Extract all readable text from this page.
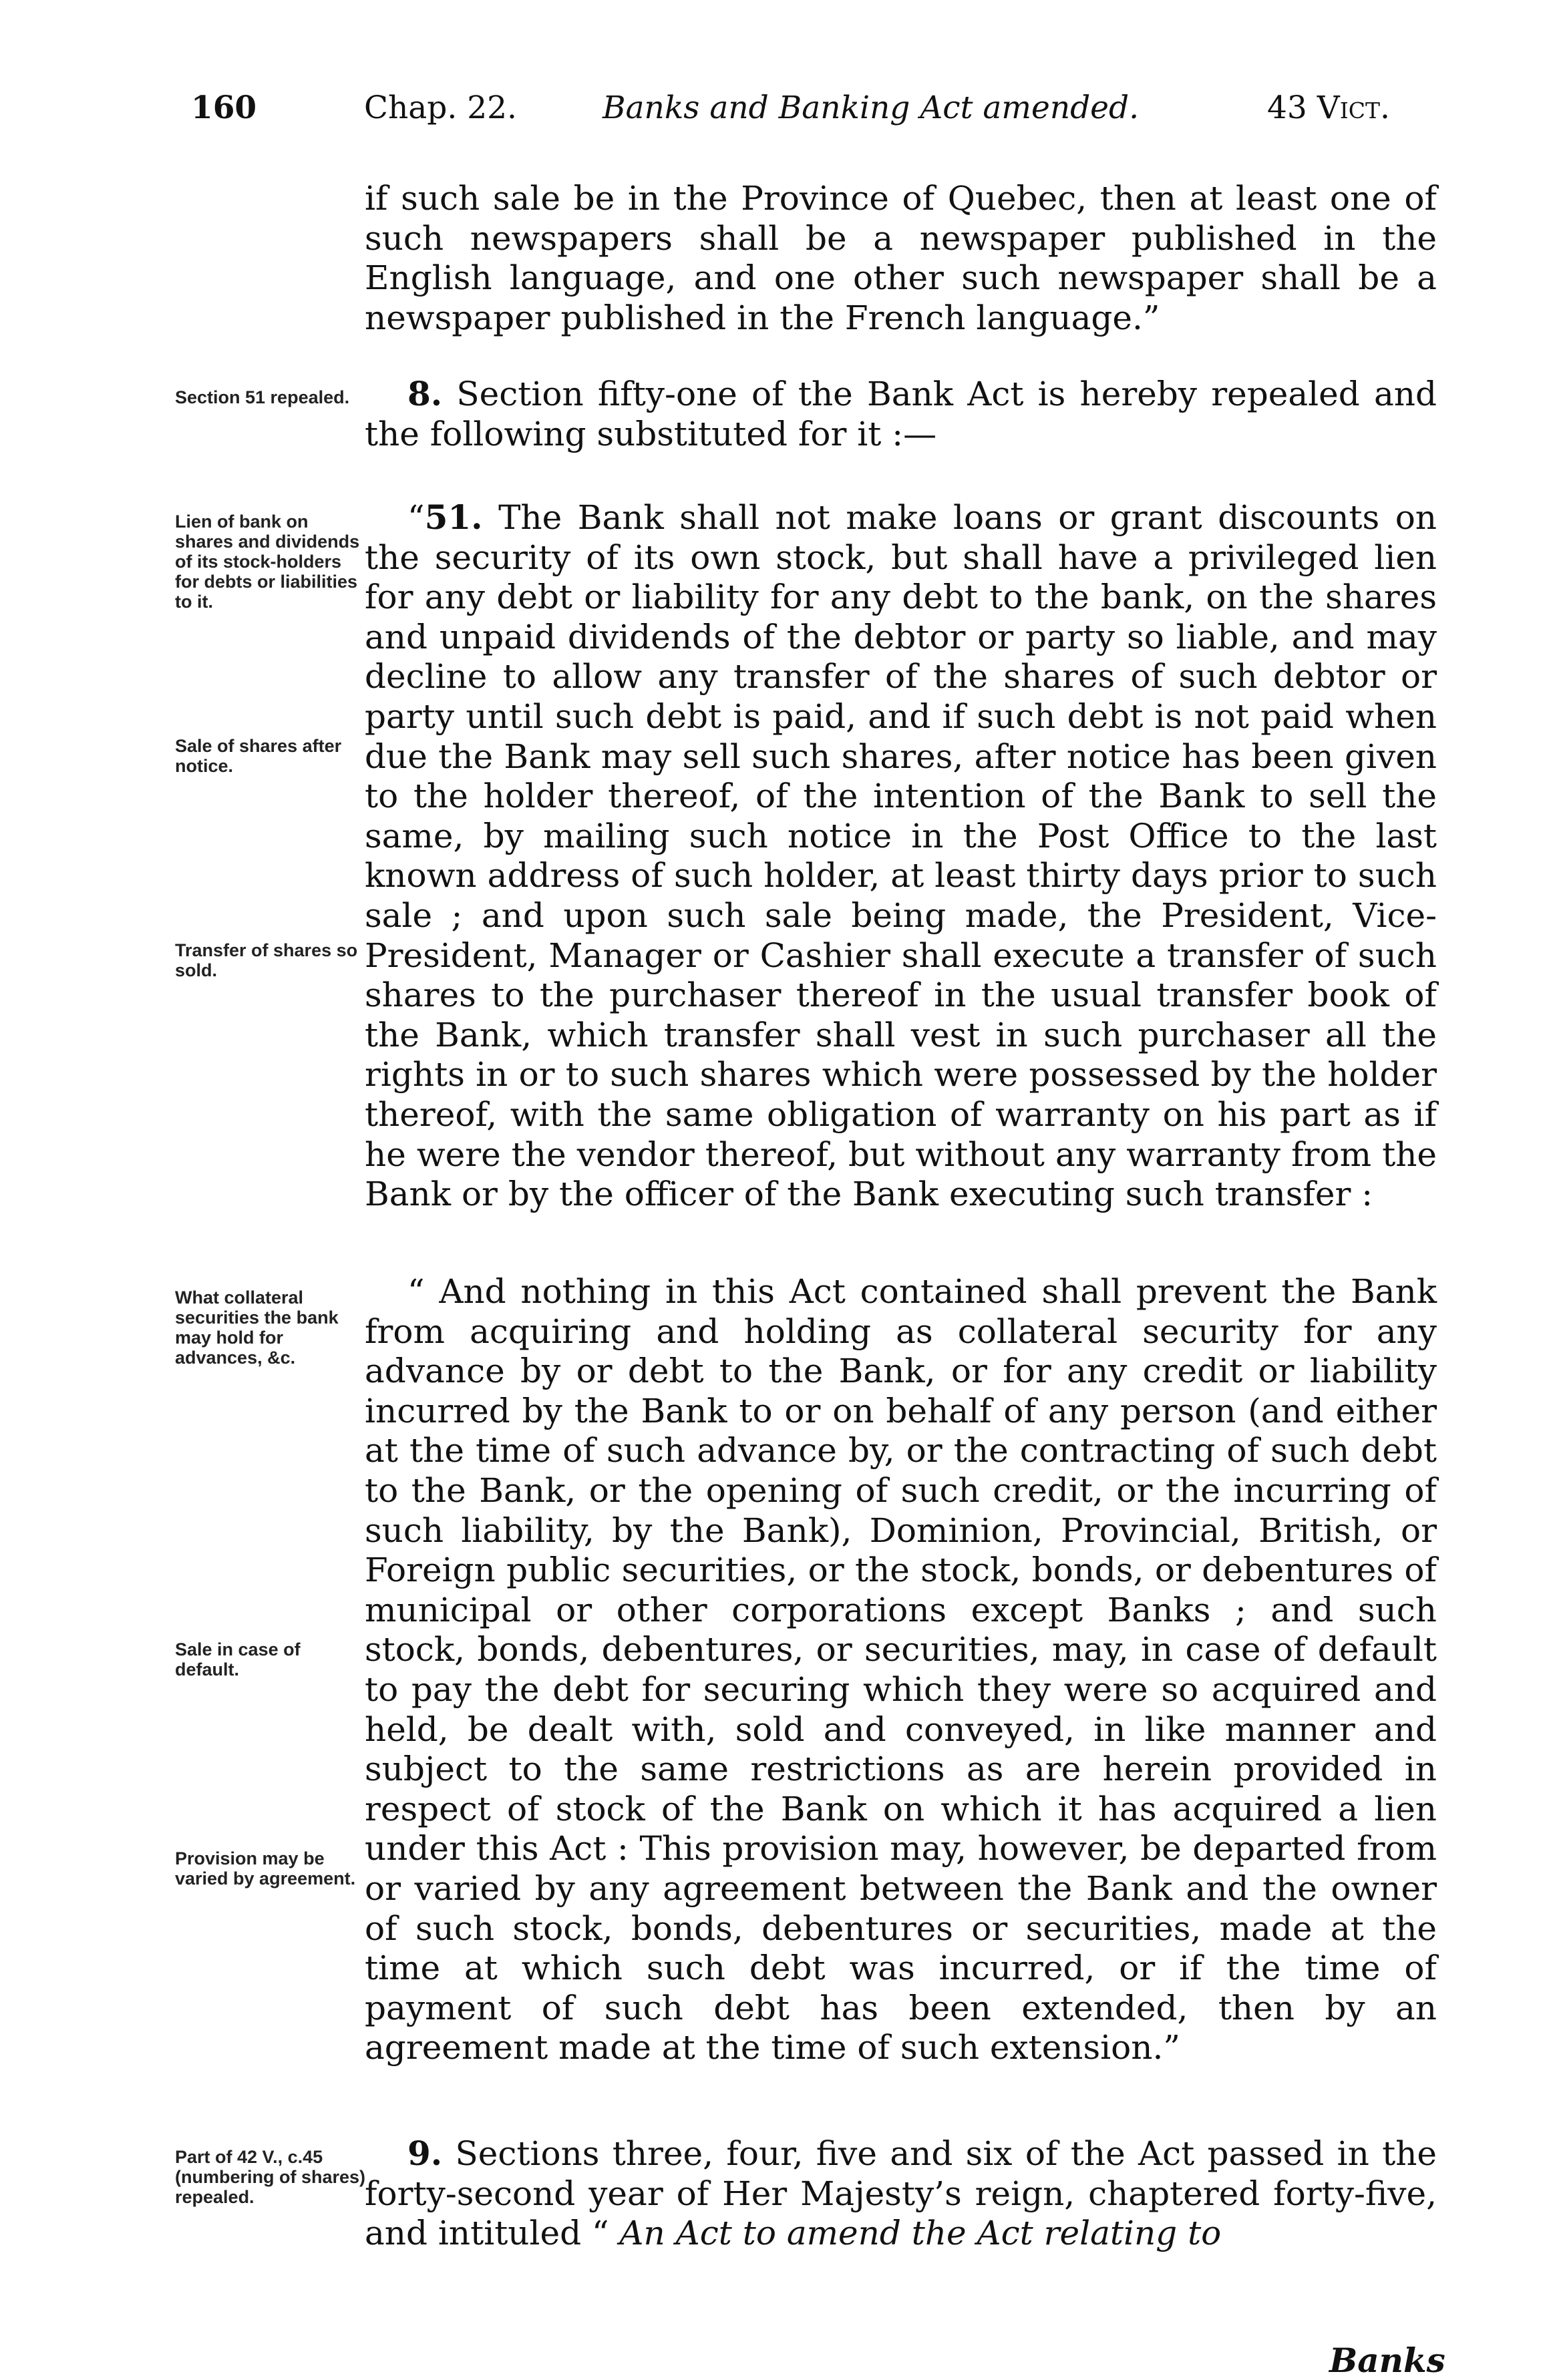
160	Chap. 22.	Banks and Banking Act amended.	43 Vict.
Section 51 repealed.
Lien of bank on shares and dividends of its stock-holders for debts or liabilities to it.
Sale of shares after notice.
Transfer of shares so sold.
What collateral securities the bank may hold for advances, &c.
Sale in case of default.
Provision may be varied by agreement.
Part of 42 V., c.45 (numbering of shares) repealed.
if such sale be in the Province of Quebec, then at least one of such newspapers shall be a newspaper published in the English language, and one other such newspaper shall be a newspaper published in the French language.”
8. Section fifty-one of the Bank Act is hereby repealed and the following substituted for it :—
“51. The Bank shall not make loans or grant discounts on the security of its own stock, but shall have a privileged lien for any debt or liability for any debt to the bank, on the shares and unpaid dividends of the debtor or party so liable, and may decline to allow any transfer of the shares of such debtor or party until such debt is paid, and if such debt is not paid when due the Bank may sell such shares, after notice has been given to the holder thereof, of the intention of the Bank to sell the same, by mailing such notice in the Post Office to the last known address of such holder, at least thirty days prior to such sale ; and upon such sale being made, the President, Vice-President, Manager or Cashier shall execute a transfer of such shares to the purchaser thereof in the usual transfer book of the Bank, which transfer shall vest in such purchaser all the rights in or to such shares which were possessed by the holder thereof, with the same obligation of warranty on his part as if he were the vendor thereof, but without any warranty from the Bank or by the officer of the Bank executing such transfer :
“ And nothing in this Act contained shall prevent the Bank from acquiring and holding as collateral security for any advance by or debt to the Bank, or for any credit or liability incurred by the Bank to or on behalf of any person (and either at the time of such advance by, or the contracting of such debt to the Bank, or the opening of such credit, or the incurring of such liability, by the Bank), Dominion, Provincial, British, or Foreign public securities, or the stock, bonds, or debentures of municipal or other corporations except Banks ; and such stock, bonds, debentures, or securities, may, in case of default to pay the debt for securing which they were so acquired and held, be dealt with, sold and conveyed, in like manner and subject to the same restrictions as are herein provided in respect of stock of the Bank on which it has acquired a lien under this Act : This provision may, however, be departed from or varied by any agreement between the Bank and the owner of such stock, bonds, debentures or securities, made at the time at which such debt was incurred, or if the time of payment of such debt has been extended, then by an agreement made at the time of such extension.”
9. Sections three, four, five and six of the Act passed in the forty-second year of Her Majesty’s reign, chaptered forty-five, and intituled “ An Act to amend the Act relating to
Banks
